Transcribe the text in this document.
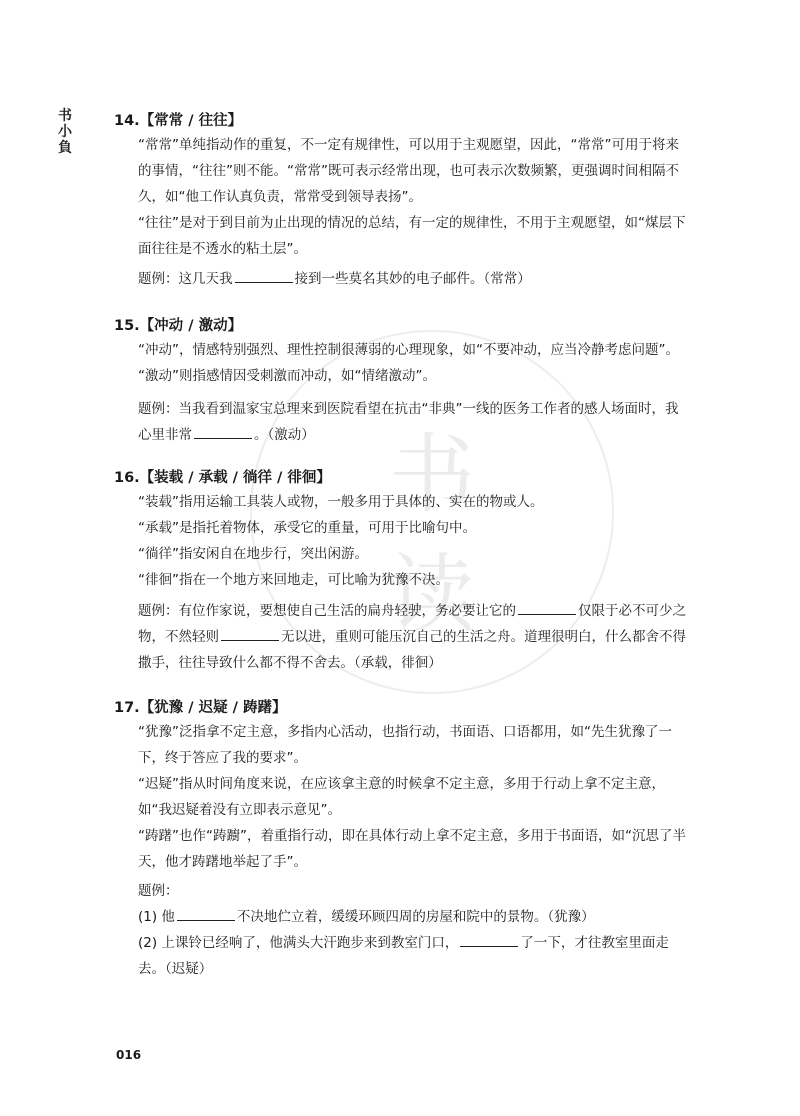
书
读
书小負
14.【常常 / 往往】
“常常”单纯指动作的重复，不一定有规律性，可以用于主观愿望，因此，“常常”可用于将来的事情，“往往”则不能。“常常”既可表示经常出现，也可表示次数频繁，更强调时间相隔不久，如“他工作认真负责，常常受到领导表扬”。
“往往”是对于到目前为止出现的情况的总结，有一定的规律性，不用于主观愿望，如“煤层下面往往是不透水的粘土层”。
题例：这几天我	接到一些莫名其妙的电子邮件。（常常）
15.【冲动 / 激动】
“冲动”，情感特别强烈、理性控制很薄弱的心理现象，如“不要冲动，应当冷静考虑问题”。
“激动”则指感情因受刺激而冲动，如“情绪激动”。
题例：当我看到温家宝总理来到医院看望在抗击“非典”一线的医务工作者的感人场面时，我心里非常	。（激动）
16.【装载 / 承载 / 徜徉 / 徘徊】
“装载”指用运输工具装人或物，一般多用于具体的、实在的物或人。
“承载”是指托着物体，承受它的重量，可用于比喻句中。
“徜徉”指安闲自在地步行，突出闲游。
“徘徊”指在一个地方来回地走，可比喻为犹豫不决。
题例：有位作家说，要想使自己生活的扁舟轻驶，务必要让它的	仅限于必不可少之物，不然轻则	无以进，重则可能压沉自己的生活之舟。道理很明白，什么都舍不得撒手，往往导致什么都不得不舍去。（承载，徘徊）
17.【犹豫 / 迟疑 / 踌躇】
“犹豫”泛指拿不定主意，多指内心活动，也指行动，书面语、口语都用，如“先生犹豫了一下，终于答应了我的要求”。
“迟疑”指从时间角度来说，在应该拿主意的时候拿不定主意，多用于行动上拿不定主意，如“我迟疑着没有立即表示意见”。
“踌躇”也作“踌躕”，着重指行动，即在具体行动上拿不定主意，多用于书面语，如“沉思了半天，他才踌躇地举起了手”。
题例：
(1) 他	不决地伫立着，缓缓环顾四周的房屋和院中的景物。（犹豫）
(2) 上课铃已经响了，他满头大汗跑步来到教室门口，	了一下，才往教室里面走去。（迟疑）
016
